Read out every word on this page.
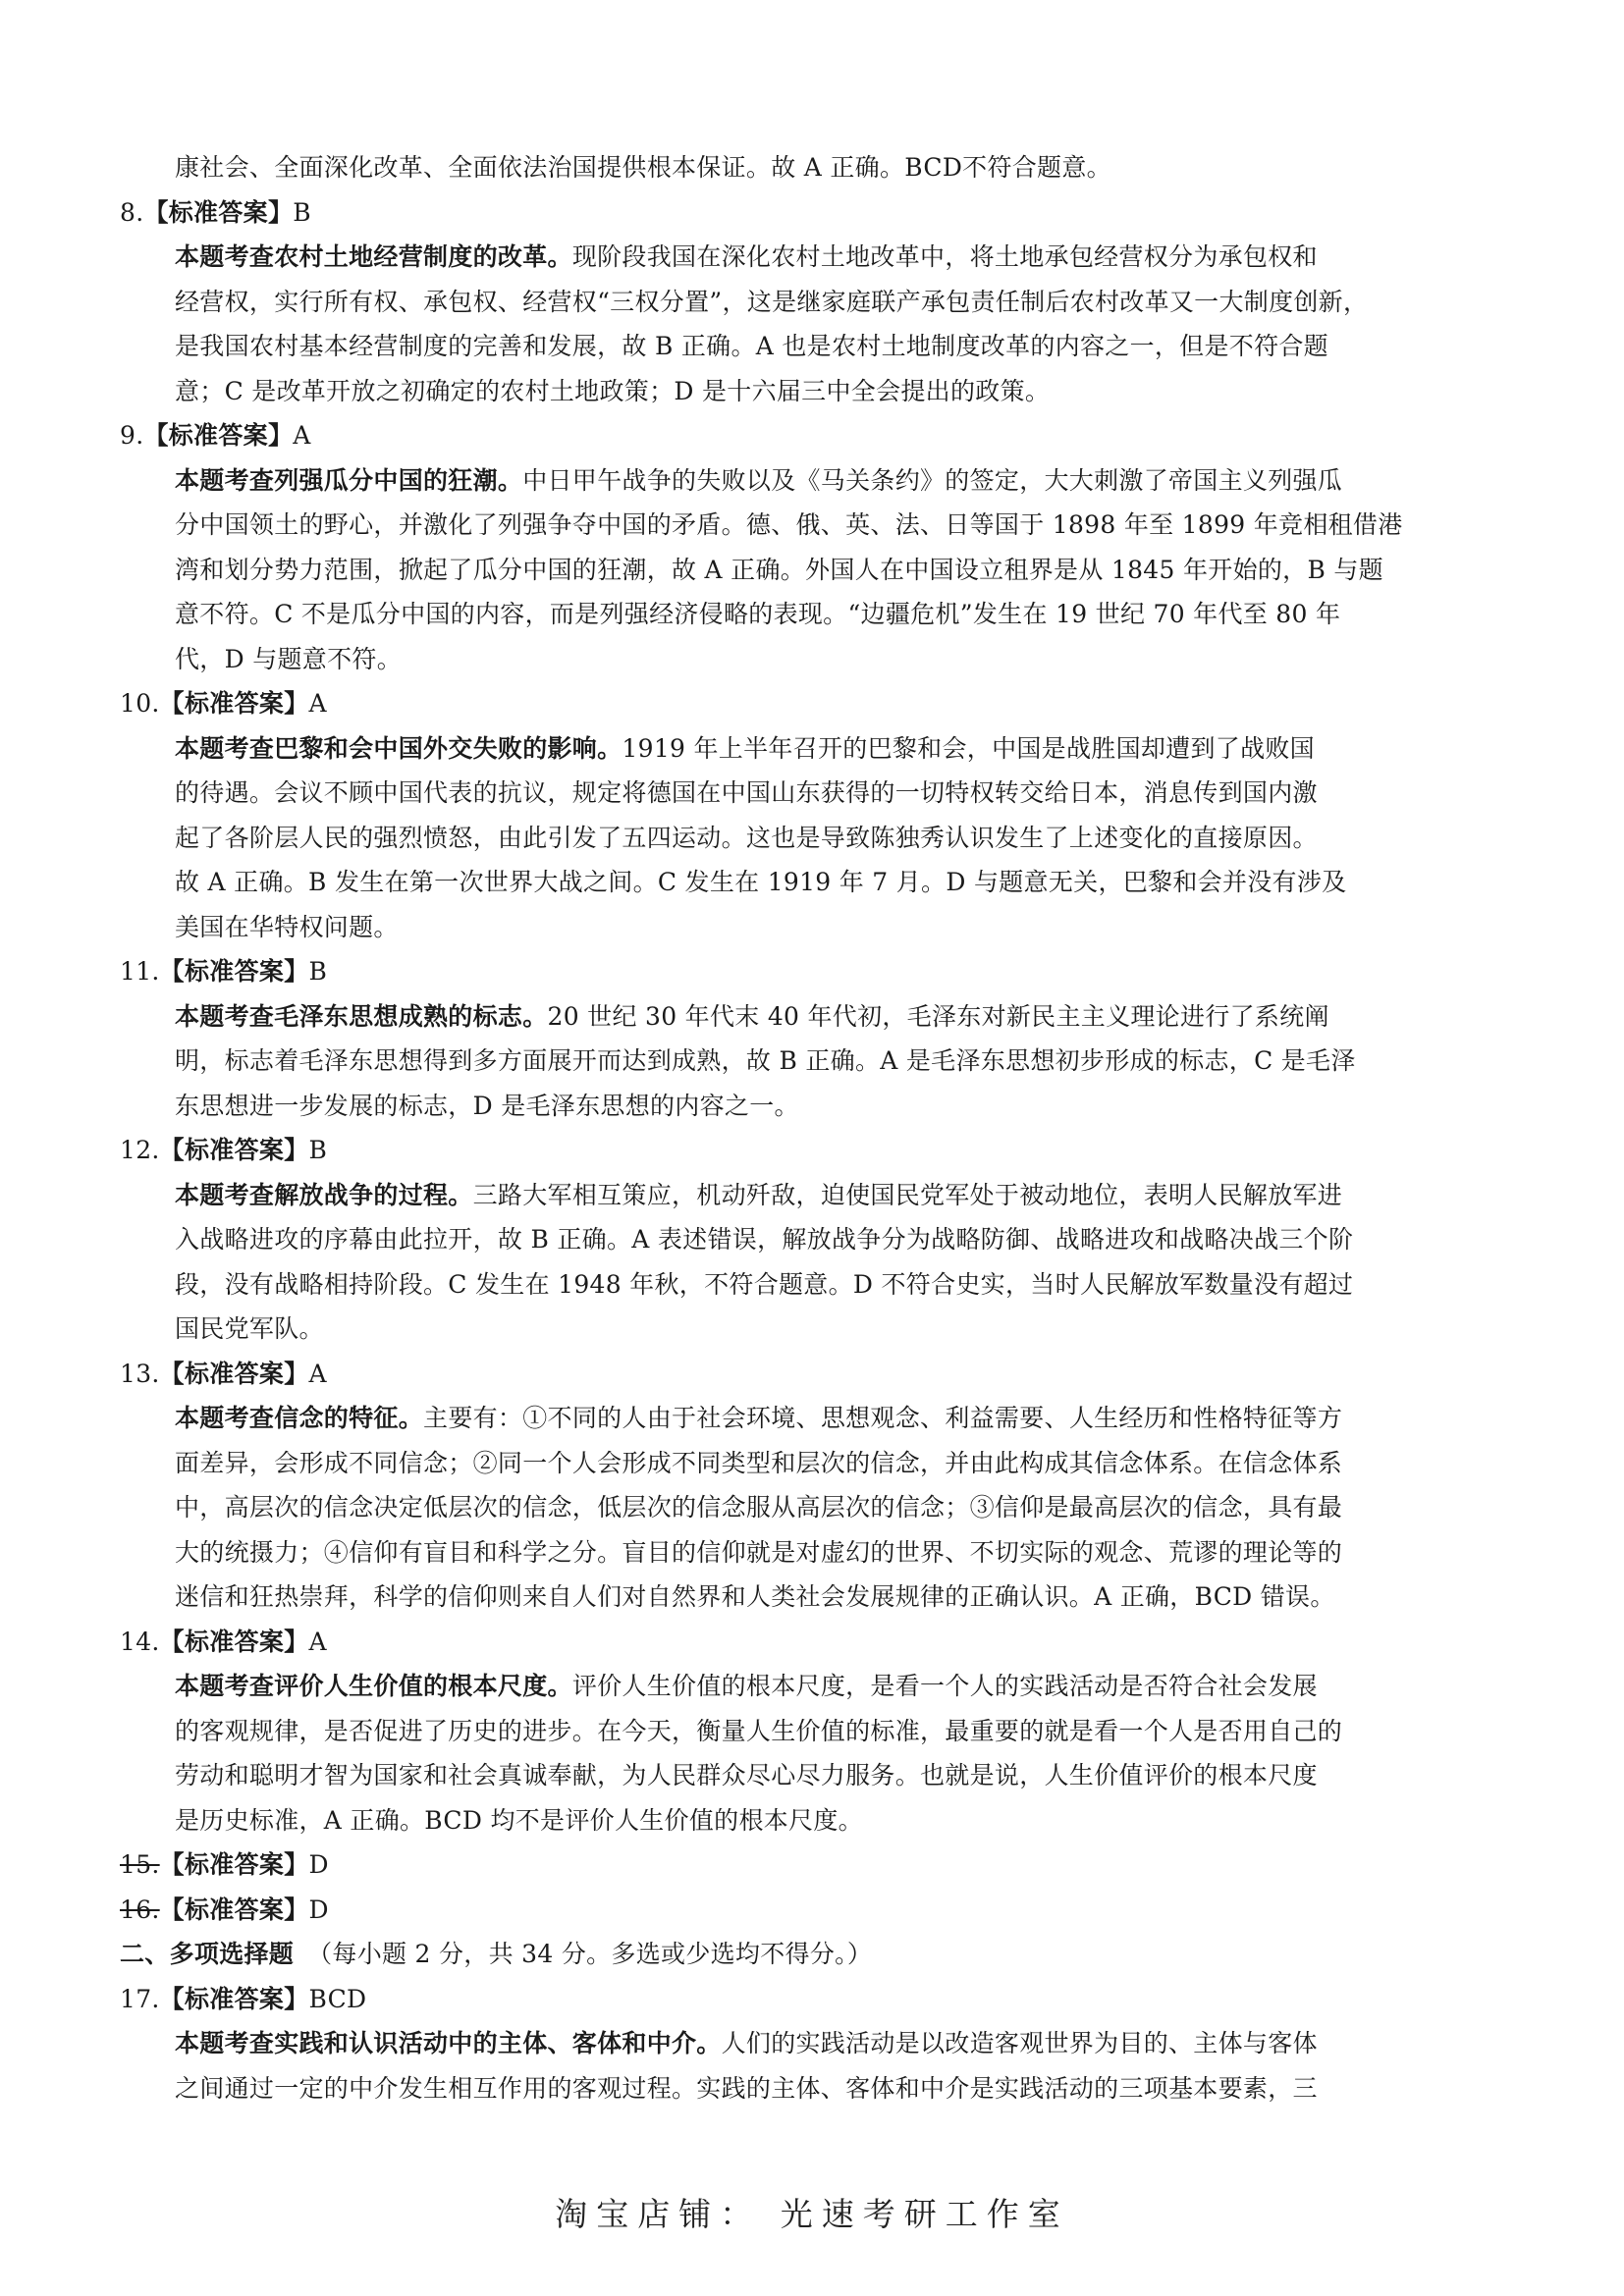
康社会、全面深化改革、全面依法治国提供根本保证。故 A 正确。BCD不符合题意。
8.【标准答案】B
本题考查农村土地经营制度的改革。现阶段我国在深化农村土地改革中，将土地承包经营权分为承包权和
经营权，实行所有权、承包权、经营权“三权分置”，这是继家庭联产承包责任制后农村改革又一大制度创新，
是我国农村基本经营制度的完善和发展，故 B 正确。A 也是农村土地制度改革的内容之一，但是不符合题
意；C 是改革开放之初确定的农村土地政策；D 是十六届三中全会提出的政策。
9.【标准答案】A
本题考查列强瓜分中国的狂潮。中日甲午战争的失败以及《马关条约》的签定，大大刺激了帝国主义列强瓜
分中国领土的野心，并激化了列强争夺中国的矛盾。德、俄、英、法、日等国于 1898 年至 1899 年竞相租借港
湾和划分势力范围，掀起了瓜分中国的狂潮，故 A 正确。外国人在中国设立租界是从 1845 年开始的，B 与题
意不符。C 不是瓜分中国的内容，而是列强经济侵略的表现。“边疆危机”发生在 19 世纪 70 年代至 80 年
代，D 与题意不符。
10.【标准答案】A
本题考查巴黎和会中国外交失败的影响。1919 年上半年召开的巴黎和会，中国是战胜国却遭到了战败国
的待遇。会议不顾中国代表的抗议，规定将德国在中国山东获得的一切特权转交给日本，消息传到国内激
起了各阶层人民的强烈愤怒，由此引发了五四运动。这也是导致陈独秀认识发生了上述变化的直接原因。
故 A 正确。B 发生在第一次世界大战之间。C 发生在 1919 年 7 月。D 与题意无关，巴黎和会并没有涉及
美国在华特权问题。
11.【标准答案】B
本题考查毛泽东思想成熟的标志。20 世纪 30 年代末 40 年代初，毛泽东对新民主主义理论进行了系统阐
明，标志着毛泽东思想得到多方面展开而达到成熟，故 B 正确。A 是毛泽东思想初步形成的标志，C 是毛泽
东思想进一步发展的标志，D 是毛泽东思想的内容之一。
12.【标准答案】B
本题考查解放战争的过程。三路大军相互策应，机动歼敌，迫使国民党军处于被动地位，表明人民解放军进
入战略进攻的序幕由此拉开，故 B 正确。A 表述错误，解放战争分为战略防御、战略进攻和战略决战三个阶
段，没有战略相持阶段。C 发生在 1948 年秋，不符合题意。D 不符合史实，当时人民解放军数量没有超过
国民党军队。
13.【标准答案】A
本题考查信念的特征。主要有：①不同的人由于社会环境、思想观念、利益需要、人生经历和性格特征等方
面差异，会形成不同信念；②同一个人会形成不同类型和层次的信念，并由此构成其信念体系。在信念体系
中，高层次的信念决定低层次的信念，低层次的信念服从高层次的信念；③信仰是最高层次的信念，具有最
大的统摄力；④信仰有盲目和科学之分。盲目的信仰就是对虚幻的世界、不切实际的观念、荒谬的理论等的
迷信和狂热崇拜，科学的信仰则来自人们对自然界和人类社会发展规律的正确认识。A 正确，BCD 错误。
14.【标准答案】A
本题考查评价人生价值的根本尺度。评价人生价值的根本尺度，是看一个人的实践活动是否符合社会发展
的客观规律，是否促进了历史的进步。在今天，衡量人生价值的标准，最重要的就是看一个人是否用自己的
劳动和聪明才智为国家和社会真诚奉献，为人民群众尽心尽力服务。也就是说，人生价值评价的根本尺度
是历史标准，A 正确。BCD 均不是评价人生价值的根本尺度。
15.【标准答案】D
16.【标准答案】D
二、多项选择题 （每小题 2 分，共 34 分。多选或少选均不得分。）
17.【标准答案】BCD
本题考查实践和认识活动中的主体、客体和中介。人们的实践活动是以改造客观世界为目的、主体与客体
之间通过一定的中介发生相互作用的客观过程。实践的主体、客体和中介是实践活动的三项基本要素，三
淘宝店铺： 光速考研工作室
